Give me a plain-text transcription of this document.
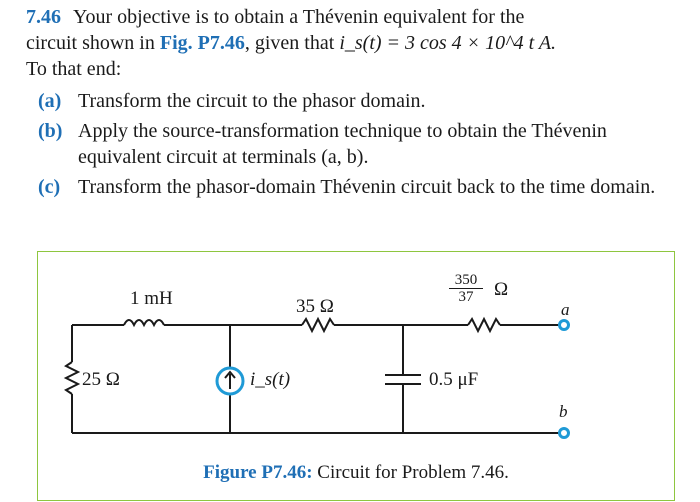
7.46 Your objective is to obtain a Thévenin equivalent for the
circuit shown in Fig. P7.46, given that i_s(t) = 3 cos 4 × 10^4 t A.
To that end:
(a) Transform the circuit to the phasor domain.
(b) Apply the source-transformation technique to obtain the Thévenin equivalent circuit at terminals (a, b).
(c) Transform the phasor-domain Thévenin circuit back to the time domain.
1 mH	35 Ω
$\frac{350}{37}$ Ω
a
25 Ω	i_s(t)	0.5 μF
b
Figure P7.46: Circuit for Problem 7.46.
